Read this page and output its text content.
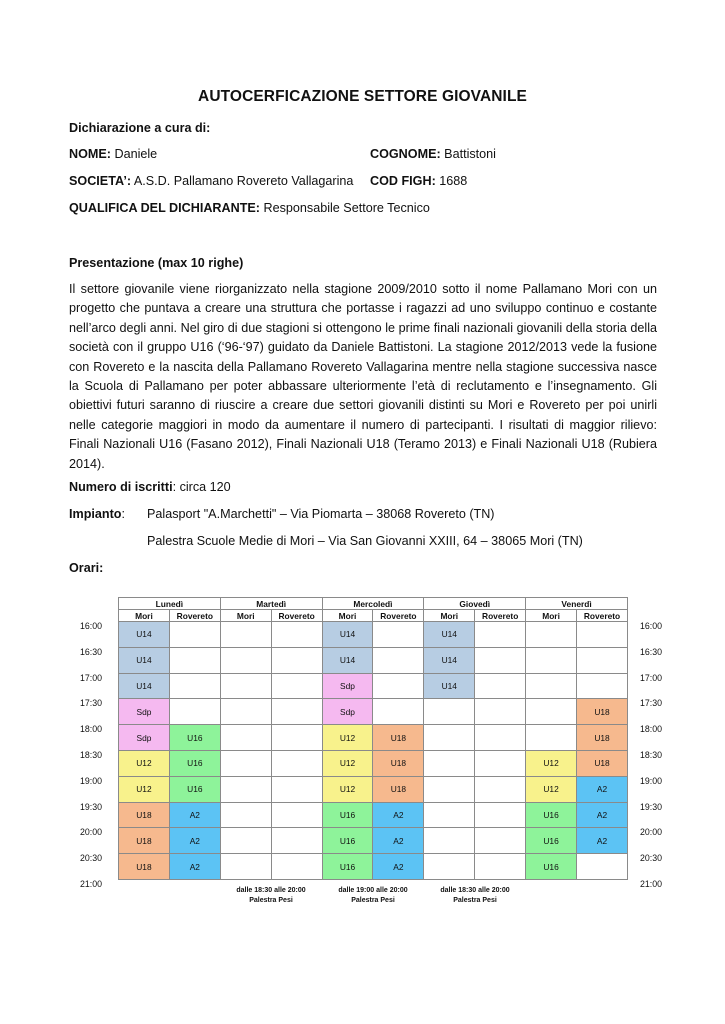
AUTOCERFICAZIONE SETTORE GIOVANILE
Dichiarazione a cura di:
NOME: Daniele	COGNOME: Battistoni
SOCIETA’: A.S.D. Pallamano Rovereto Vallagarina COD FIGH: 1688
QUALIFICA DEL DICHIARANTE: Responsabile Settore Tecnico
Presentazione (max 10 righe)
Il settore giovanile viene riorganizzato nella stagione 2009/2010 sotto il nome Pallamano Mori con un progetto che puntava a creare una struttura che portasse i ragazzi ad uno sviluppo continuo e costante nell’arco degli anni. Nel giro di due stagioni si ottengono le prime finali nazionali giovanili della storia della società con il gruppo U16 (‘96-‘97) guidato da Daniele Battistoni. La stagione 2012/2013 vede la fusione con Rovereto e la nascita della Pallamano Rovereto Vallagarina mentre nella stagione successiva nasce la Scuola di Pallamano per poter abbassare ulteriormente l’età di reclutamento e l’insegnamento. Gli obiettivi futuri saranno di riuscire a creare due settori giovanili distinti su Mori e Rovereto per poi unirli nelle categorie maggiori in modo da aumentare il numero di partecipanti. I risultati di maggior rilievo: Finali Nazionali U16 (Fasano 2012), Finali Nazionali U18 (Teramo 2013) e Finali Nazionali U18 (Rubiera 2014).
Numero di iscritti: circa 120
Impianto: Palasport "A.Marchetti" – Via Piomarta – 38068 Rovereto (TN)
Palestra Scuole Medie di Mori – Via San Giovanni XXIII, 64 – 38065 Mori (TN)
Orari:
16:00	16:00
16:30	16:30
17:00	17:00
17:30	17:30
18:00	18:00
18:30	18:30
19:00	19:00
19:30	19:30
20:00	20:00
20:30	20:30
21:00	21:00
Lunedì		Martedì		Mercoledì		Giovedì		Venerdì	
Mori	Rovereto	Mori	Rovereto	Mori	Rovereto	Mori	Rovereto	Mori	Rovereto
U14				U14		U14			
U14				U14		U14			
U14				Sdp		U14			
Sdp				Sdp					U18
Sdp	U16			U12	U18				U18
U12	U16			U12	U18			U12	U18
U12	U16			U12	U18			U12	A2
U18	A2			U16	A2			U16	A2
U18	A2			U16	A2			U16	A2
U18	A2			U16	A2			U16	
dalle 18:30 alle 20:00
Palestra Pesi
dalle 19:00 alle 20:00
Palestra Pesi
dalle 18:30 alle 20:00
Palestra Pesi
